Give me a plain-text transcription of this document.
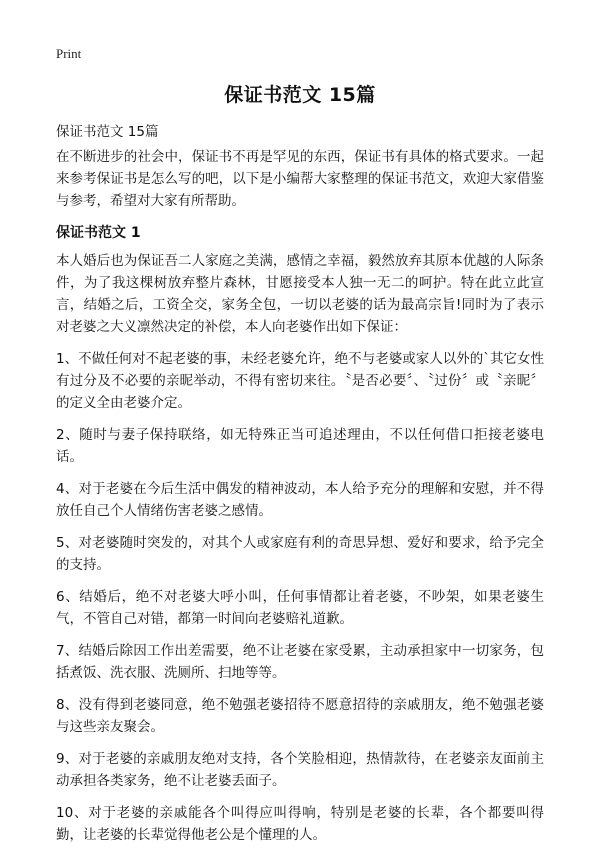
Print
保证书范文 15篇
保证书范文 15篇

在不断进步的社会中，保证书不再是罕见的东西，保证书有具体的格式要求。一起来参考保证书是怎么写的吧，以下是小编帮大家整理的保证书范文，欢迎大家借鉴与参考，希望对大家有所帮助。

保证书范文 1

本人婚后也为保证吾二人家庭之美满，感情之幸福，毅然放弃其原本优越的人际条件，为了我这棵树放弃整片森林，甘愿接受本人独一无二的呵护。特在此立此宣言，结婚之后，工资全交，家务全包，一切以老婆的话为最高宗旨!同时为了表示对老婆之大义凛然决定的补偿，本人向老婆作出如下保证：

1、不做任何对不起老婆的事，未经老婆允许，绝不与老婆或家人以外的`其它女性有过分及不必要的亲昵举动，不得有密切来往。〝是否必要〞、〝过份〞或〝亲昵〞的定义全由老婆介定。

2、随时与妻子保持联络，如无特殊正当可追述理由，不以任何借口拒接老婆电话。

4、对于老婆在今后生活中偶发的精神波动，本人给予充分的理解和安慰，并不得放任自己个人情绪伤害老婆之感情。

5、对老婆随时突发的，对其个人或家庭有利的奇思异想、爱好和要求，给予完全的支持。

6、结婚后，绝不对老婆大呼小叫，任何事情都让着老婆，不吵架，如果老婆生气，不管自己对错，都第一时间向老婆赔礼道歉。

7、结婚后除因工作出差需要，绝不让老婆在家受累，主动承担家中一切家务，包括煮饭、洗衣服、洗厕所、扫地等等。

8、没有得到老婆同意，绝不勉强老婆招待不愿意招待的亲戚朋友，绝不勉强老婆与这些亲友聚会。

9、对于老婆的亲戚朋友绝对支持，各个笑脸相迎，热情款待，在老婆亲友面前主动承担各类家务，绝不让老婆丢面子。

10、对于老婆的亲戚能各个叫得应叫得响，特别是老婆的长辈，各个都要叫得勤，让老婆的长辈觉得他老公是个懂理的人。
